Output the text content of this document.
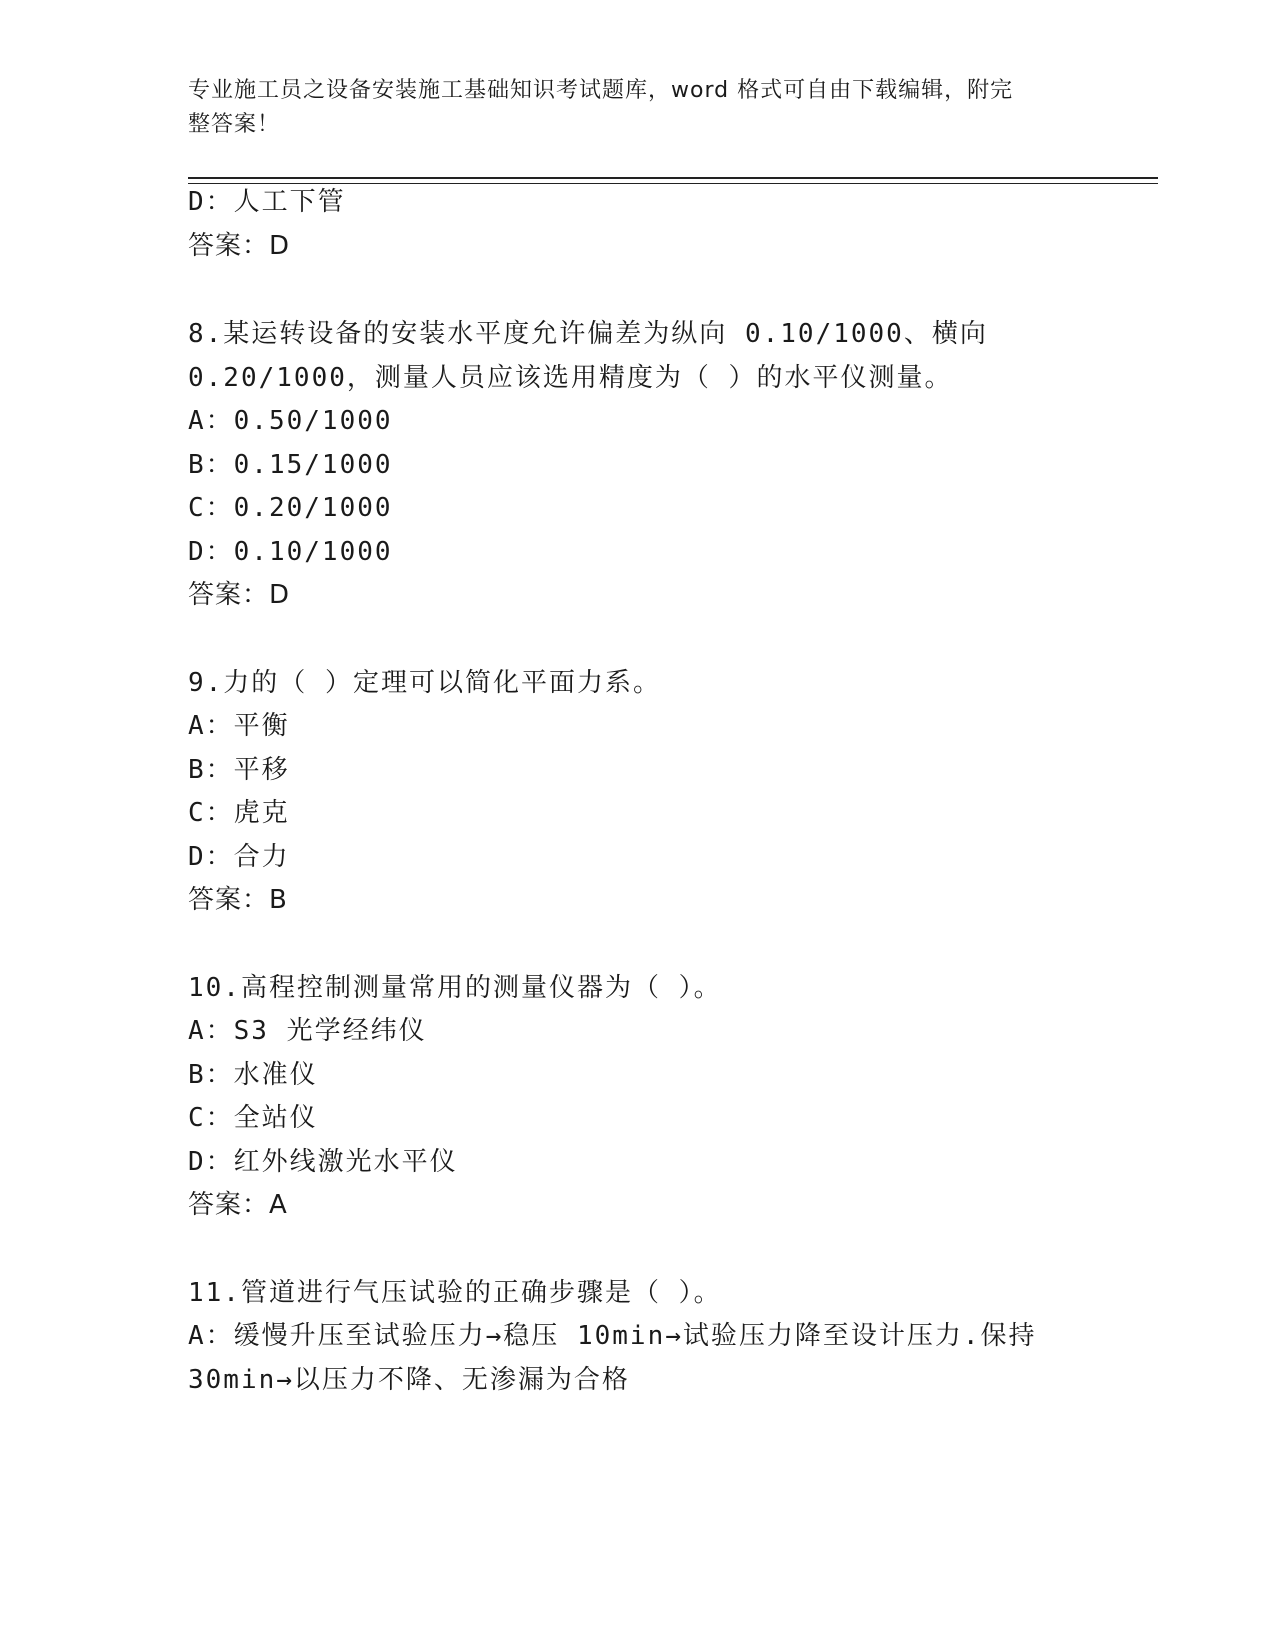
专业施工员之设备安装施工基础知识考试题库，word 格式可自由下载编辑，附完
整答案！
D：人工下管
答案：D
8.某运转设备的安装水平度允许偏差为纵向 0.10/1000、横向
0.20/1000，测量人员应该选用精度为（ ）的水平仪测量。
A：0.50/1000
B：0.15/1000
C：0.20/1000
D：0.10/1000
答案：D
9.力的（ ）定理可以简化平面力系。
A：平衡
B：平移
C：虎克
D：合力
答案：B
10.高程控制测量常用的测量仪器为（ ）。
A：S3 光学经纬仪
B：水准仪
C：全站仪
D：红外线激光水平仪
答案：A
11.管道进行气压试验的正确步骤是（ ）。
A：缓慢升压至试验压力→稳压 10min→试验压力降至设计压力.保持
30min→以压力不降、无渗漏为合格
